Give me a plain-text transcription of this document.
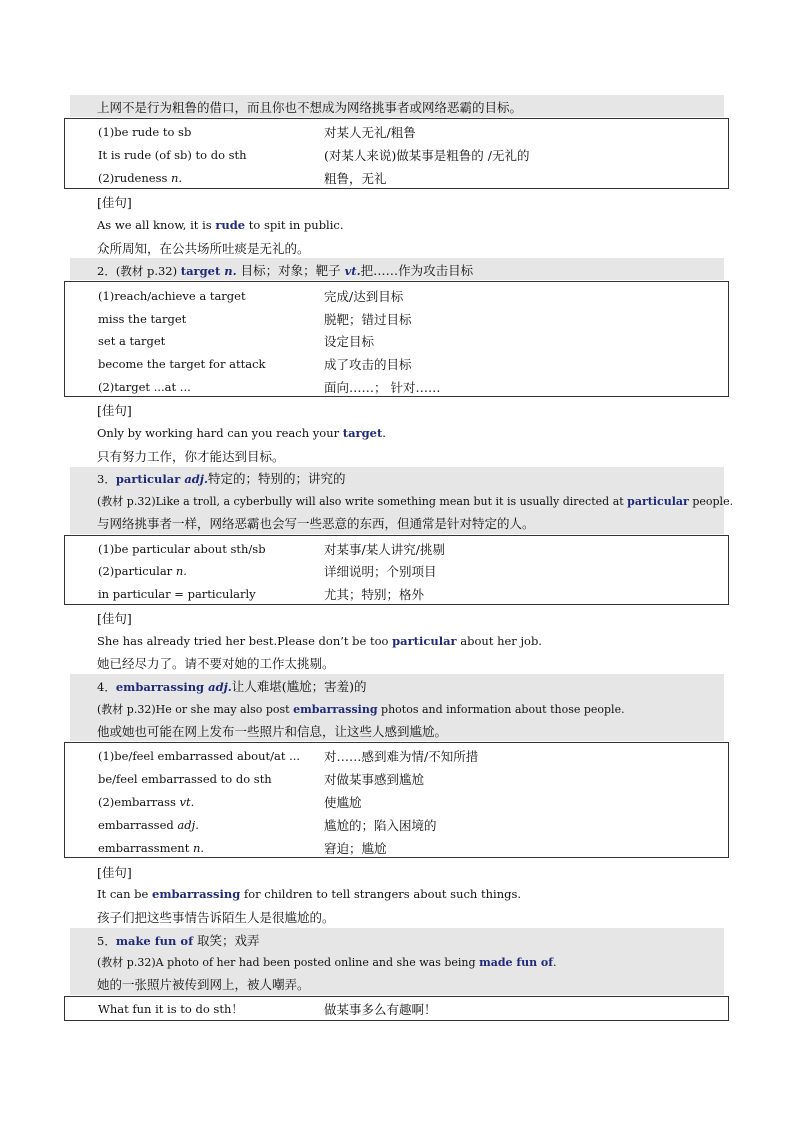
上网不是行为粗鲁的借口，而且你也不想成为网络挑事者或网络恶霸的目标。
(1)be rude to sb	对某人无礼/粗鲁
It is rude (of sb) to do sth	(对某人来说)做某事是粗鲁的 /无礼的
(2)rudeness n.	粗鲁，无礼
[佳句]
As we all know, it is rude to spit in public.
众所周知，在公共场所吐痰是无礼的。
2．(教材 p.32) target n. 目标；对象；靶子 vt.把……作为攻击目标
(1)reach/achieve a target	完成/达到目标
miss the target	脱靶；错过目标
set a target	设定目标
become the target for attack	成了攻击的目标
(2)target ...at ...	面向……； 针对……
[佳句]
Only by working hard can you reach your target.
只有努力工作，你才能达到目标。
3．particular adj.特定的；特别的；讲究的
(教材 p.32)Like a troll, a cyberbully will also write something mean but it is usually directed at particular people.
与网络挑事者一样，网络恶霸也会写一些恶意的东西，但通常是针对特定的人。
(1)be particular about sth/sb	对某事/某人讲究/挑剔
(2)particular n.	详细说明；个别项目
in particular = particularly	尤其；特别；格外
[佳句]
She has already tried her best.Please don’t be too particular about her job.
她已经尽力了。请不要对她的工作太挑剔。
4．embarrassing adj.让人难堪(尴尬；害羞)的
(教材 p.32)He or she may also post embarrassing photos and information about those people.
他或她也可能在网上发布一些照片和信息，让这些人感到尴尬。
(1)be/feel embarrassed about/at ... 对……感到难为情/不知所措
be/feel embarrassed to do sth	对做某事感到尴尬
(2)embarrass vt.	使尴尬
embarrassed adj.	尴尬的；陷入困境的
embarrassment n.	窘迫；尴尬
[佳句]
It can be embarrassing for children to tell strangers about such things.
孩子们把这些事情告诉陌生人是很尴尬的。
5．make fun of 取笑；戏弄
(教材 p.32)A photo of her had been posted online and she was being made fun of.
她的一张照片被传到网上，被人嘲弄。
What fun it is to do sth！	做某事多么有趣啊！
